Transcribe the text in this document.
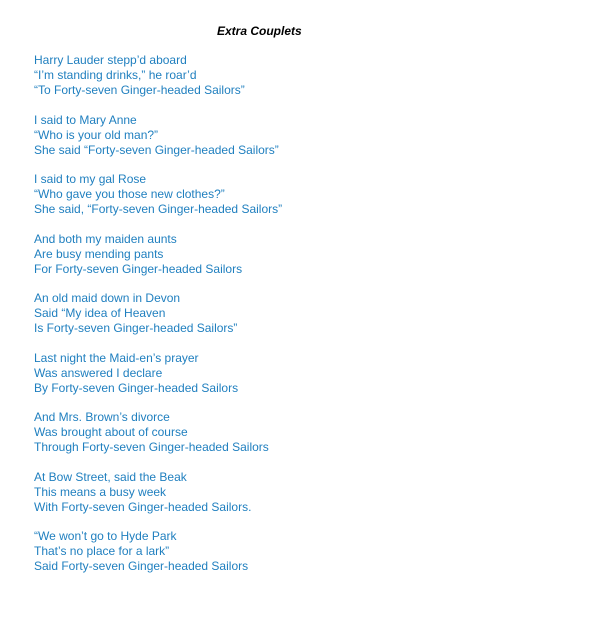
Extra Couplets
Harry Lauder stepp’d aboard
“I’m standing drinks,” he roar’d
“To Forty-seven Ginger-headed Sailors”
I said to Mary Anne
“Who is your old man?”
She said “Forty-seven Ginger-headed Sailors”
I said to my gal Rose
“Who gave you those new clothes?”
She said, “Forty-seven Ginger-headed Sailors”
And both my maiden aunts
Are busy mending pants
For Forty-seven Ginger-headed Sailors
An old maid down in Devon
Said “My idea of Heaven
Is Forty-seven Ginger-headed Sailors”
Last night the Maid-en’s prayer
Was answered I declare
By Forty-seven Ginger-headed Sailors
And Mrs. Brown’s divorce
Was brought about of course
Through Forty-seven Ginger-headed Sailors
At Bow Street, said the Beak
This means a busy week
With Forty-seven Ginger-headed Sailors.
“We won’t go to Hyde Park
That’s no place for a lark”
Said Forty-seven Ginger-headed Sailors
